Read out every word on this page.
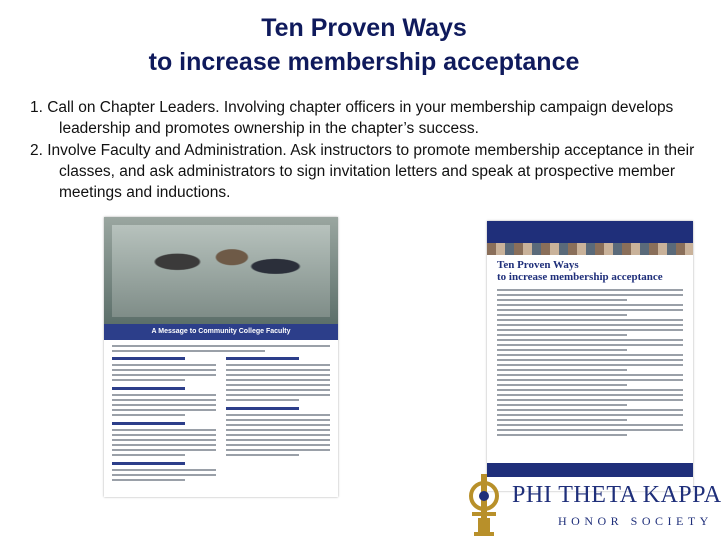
Ten Proven Ways
to increase membership acceptance
1. Call on Chapter Leaders. Involving chapter officers in your membership campaign develops leadership and promotes ownership in the chapter’s success.
2. Involve Faculty and Administration. Ask instructors to promote membership acceptance in their classes, and ask administrators to sign invitation letters and speak at prospective member meetings and inductions.
A Message to Community College Faculty
Ten Proven Ways
to increase membership acceptance
PHI THETA KAPPA
HONOR SOCIETY
